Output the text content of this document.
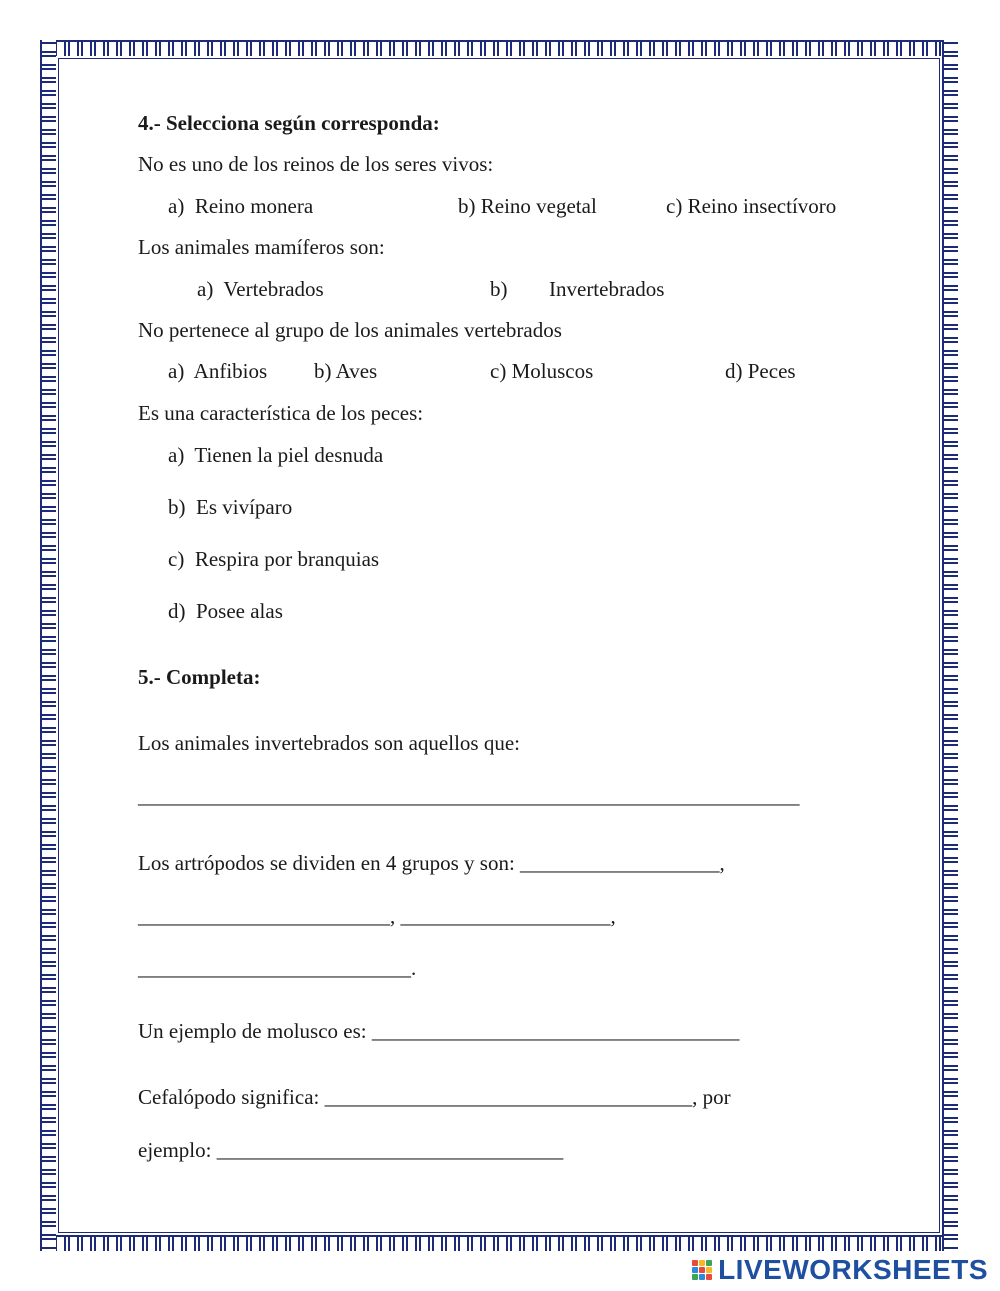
4.- Selecciona según corresponda:
No es uno de los reinos de los seres vivos:
a)  Reino monera	b) Reino vegetal	c) Reino insectívoro
Los animales mamíferos son:
a)  Vertebrados	b) Invertebrados
No pertenece al grupo de los animales vertebrados
a)  Anfibios b) Aves	c) Moluscos	d) Peces
Es una característica de los peces:
a)  Tienen la piel desnuda
b)  Es vivíparo
c)  Respira por branquias
d)  Posee alas
5.- Completa:
Los animales invertebrados son aquellos que:
_______________________________________________________________
Los artrópodos se dividen en 4 grupos y son: ___________________,
________________________, ____________________,
__________________________.
Un ejemplo de molusco es: ___________________________________
Cefalópodo significa: ___________________________________, por
ejemplo: _________________________________
LIVEWORKSHEETS
